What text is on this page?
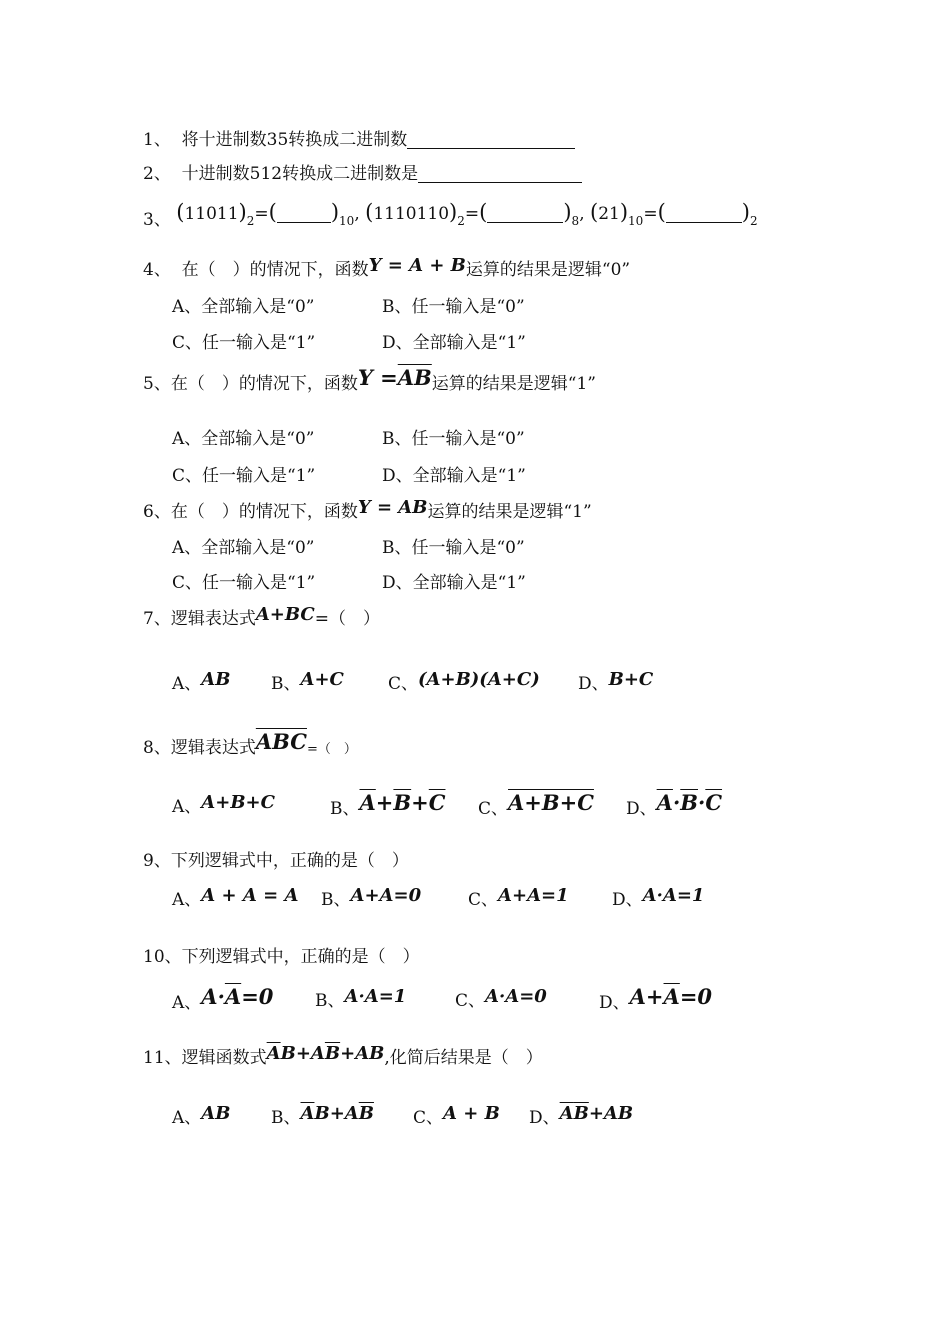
1、 将十进制数35转换成二进制数
2、 十进制数512转换成二进制数是
3、 $(11011)_2=$(	)$_{10}$, $(1110110)_2=$(	)$_8$, $(21)_{10}=$(	)$_2$
4、 在（　）的情况下，函数Y = A + B运算的结果是逻辑“0”
A、全部输入是“0”	B、任一输入是“0”
C、任一输入是“1”	D、全部输入是“1”
5、在（　）的情况下，函数$Y =\overline{AB}$运算的结果是逻辑“1”
A、全部输入是“0”	B、任一输入是“0”
C、任一输入是“1”	D、全部输入是“1”
6、在（　）的情况下，函数Y = AB运算的结果是逻辑“1”
A、全部输入是“0”	B、任一输入是“0”
C、任一输入是“1”	D、全部输入是“1”
7、逻辑表达式A+BC=（　）
A、AB B、A+C	C、(A+B)(A+C) D、B+C
8、逻辑表达式$\overline{ABC}=$（　）
A、A+B+C	B、$\overline{A}+\overline{B}+\overline{C}$ C、A+B+C D、$\overline{A}\cdot\overline{B}\cdot\overline{C}$
9、下列逻辑式中，正确的是（　）
A、A + A = A B、A+A=0	C、A+A=1	D、A·A=1
10、下列逻辑式中，正确的是（　）
A、$A\cdot\overline{A}=0$ B、A·A=1	C、A·A=0	D、$A+\overline{A}=0$
11、逻辑函数式$\overline{A}B+A\overline{B}+AB$,化简后结果是（　）
A、AB B、$\overline{A}B+A\overline{B}$ C、A + B D、$\overline{A}\overline{B}+AB$
